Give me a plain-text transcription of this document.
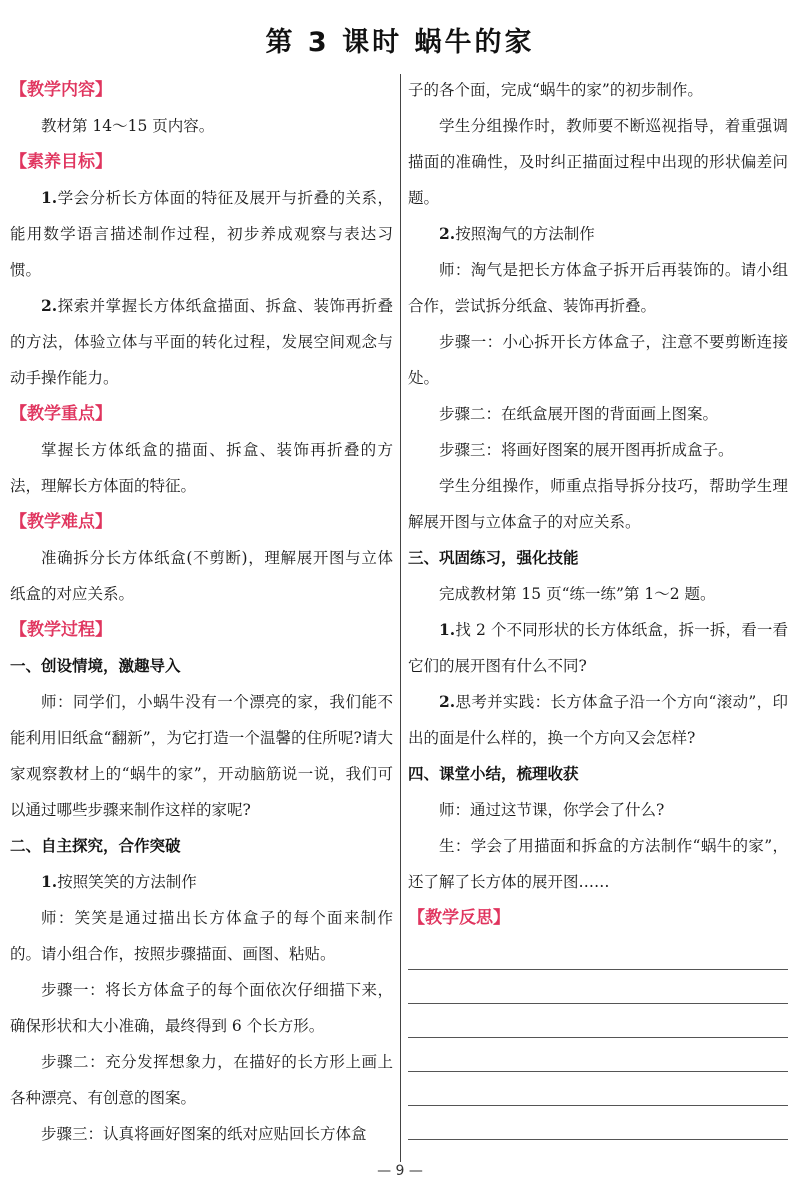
第 3 课时 蜗牛的家
【教学内容】
教材第 14～15 页内容。
【素养目标】
1.学会分析长方体面的特征及展开与折叠的关系，能用数学语言描述制作过程，初步养成观察与表达习惯。
2.探索并掌握长方体纸盒描面、拆盒、装饰再折叠的方法，体验立体与平面的转化过程，发展空间观念与动手操作能力。
【教学重点】
掌握长方体纸盒的描面、拆盒、装饰再折叠的方法，理解长方体面的特征。
【教学难点】
准确拆分长方体纸盒(不剪断)，理解展开图与立体纸盒的对应关系。
【教学过程】
一、创设情境，激趣导入
师：同学们，小蜗牛没有一个漂亮的家，我们能不能利用旧纸盒“翻新”，为它打造一个温馨的住所呢?请大家观察教材上的“蜗牛的家”，开动脑筋说一说，我们可以通过哪些步骤来制作这样的家呢?
二、自主探究，合作突破
1.按照笑笑的方法制作
师：笑笑是通过描出长方体盒子的每个面来制作的。请小组合作，按照步骤描面、画图、粘贴。
步骤一：将长方体盒子的每个面依次仔细描下来，确保形状和大小准确，最终得到 6 个长方形。
步骤二：充分发挥想象力，在描好的长方形上画上各种漂亮、有创意的图案。
步骤三：认真将画好图案的纸对应贴回长方体盒
子的各个面，完成“蜗牛的家”的初步制作。
学生分组操作时，教师要不断巡视指导，着重强调描面的准确性，及时纠正描面过程中出现的形状偏差问题。
2.按照淘气的方法制作
师：淘气是把长方体盒子拆开后再装饰的。请小组合作，尝试拆分纸盒、装饰再折叠。
步骤一：小心拆开长方体盒子，注意不要剪断连接处。
步骤二：在纸盒展开图的背面画上图案。
步骤三：将画好图案的展开图再折成盒子。
学生分组操作，师重点指导拆分技巧，帮助学生理解展开图与立体盒子的对应关系。
三、巩固练习，强化技能
完成教材第 15 页“练一练”第 1～2 题。
1.找 2 个不同形状的长方体纸盒，拆一拆，看一看它们的展开图有什么不同?
2.思考并实践：长方体盒子沿一个方向“滚动”，印出的面是什么样的，换一个方向又会怎样?
四、课堂小结，梳理收获
师：通过这节课，你学会了什么?
生：学会了用描面和拆盒的方法制作“蜗牛的家”，还了解了长方体的展开图……
【教学反思】
— 9 —
